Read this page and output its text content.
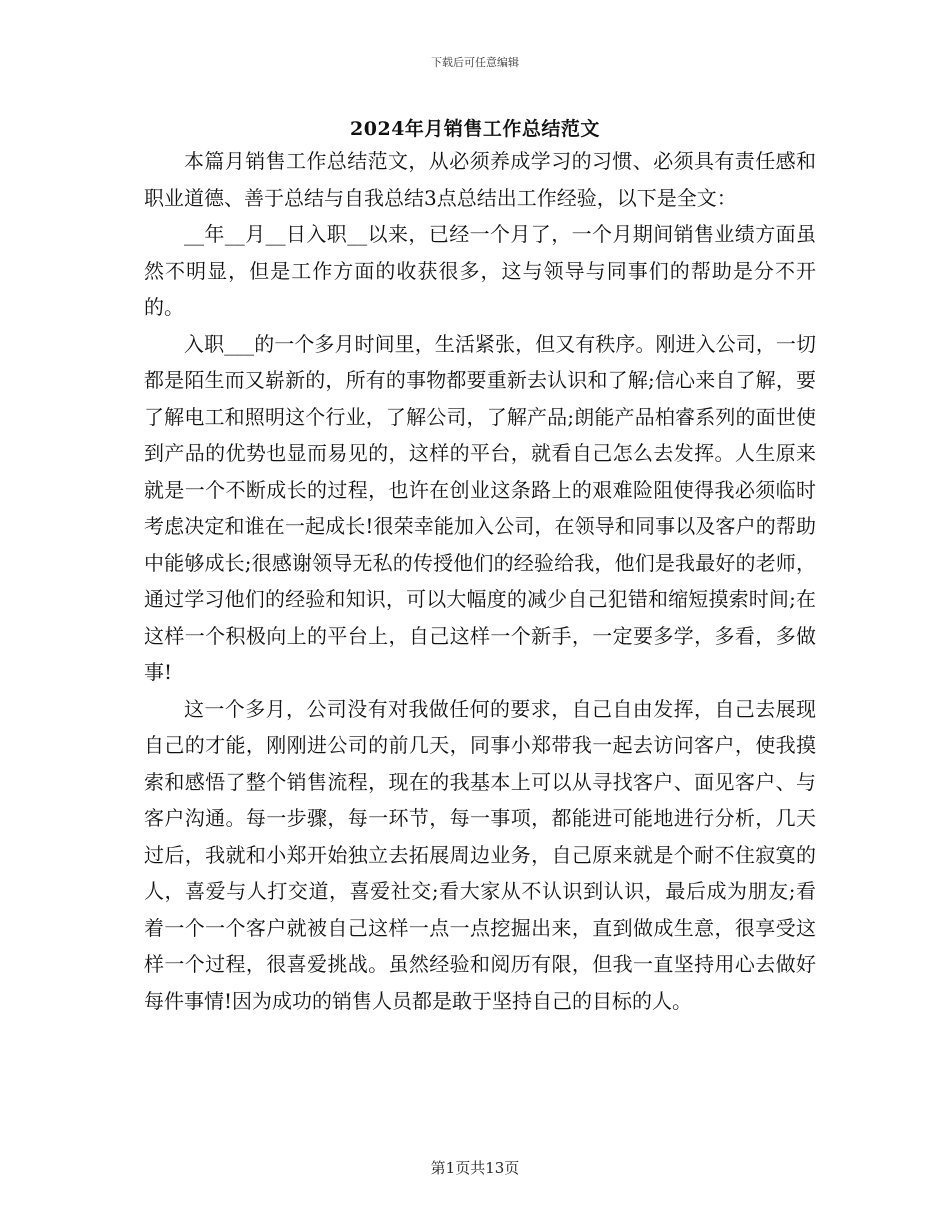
下载后可任意编辑
2024年月销售工作总结范文

本篇月销售工作总结范文，从必须养成学习的习惯、必须具有责任感和职业道德、善于总结与自我总结3点总结出工作经验，以下是全文：

__年__月__日入职__以来，已经一个月了，一个月期间销售业绩方面虽然不明显，但是工作方面的收获很多，这与领导与同事们的帮助是分不开的。

入职___的一个多月时间里，生活紧张，但又有秩序。刚进入公司，一切都是陌生而又崭新的，所有的事物都要重新去认识和了解;信心来自了解，要了解电工和照明这个行业，了解公司，了解产品;朗能产品柏睿系列的面世使到产品的优势也显而易见的，这样的平台，就看自己怎么去发挥。人生原来就是一个不断成长的过程，也许在创业这条路上的艰难险阻使得我必须临时考虑决定和谁在一起成长!很荣幸能加入公司，在领导和同事以及客户的帮助中能够成长;很感谢领导无私的传授他们的经验给我，他们是我最好的老师，通过学习他们的经验和知识，可以大幅度的减少自己犯错和缩短摸索时间;在这样一个积极向上的平台上，自己这样一个新手，一定要多学，多看，多做事!

这一个多月，公司没有对我做任何的要求，自己自由发挥，自己去展现自己的才能，刚刚进公司的前几天，同事小郑带我一起去访问客户，使我摸索和感悟了整个销售流程，现在的我基本上可以从寻找客户、面见客户、与客户沟通。每一步骤，每一环节，每一事项，都能进可能地进行分析，几天过后，我就和小郑开始独立去拓展周边业务，自己原来就是个耐不住寂寞的人，喜爱与人打交道，喜爱社交;看大家从不认识到认识，最后成为朋友;看着一个一个客户就被自己这样一点一点挖掘出来，直到做成生意，很享受这样一个过程，很喜爱挑战。虽然经验和阅历有限，但我一直坚持用心去做好每件事情!因为成功的销售人员都是敢于坚持自己的目标的人。

第1页共13页
